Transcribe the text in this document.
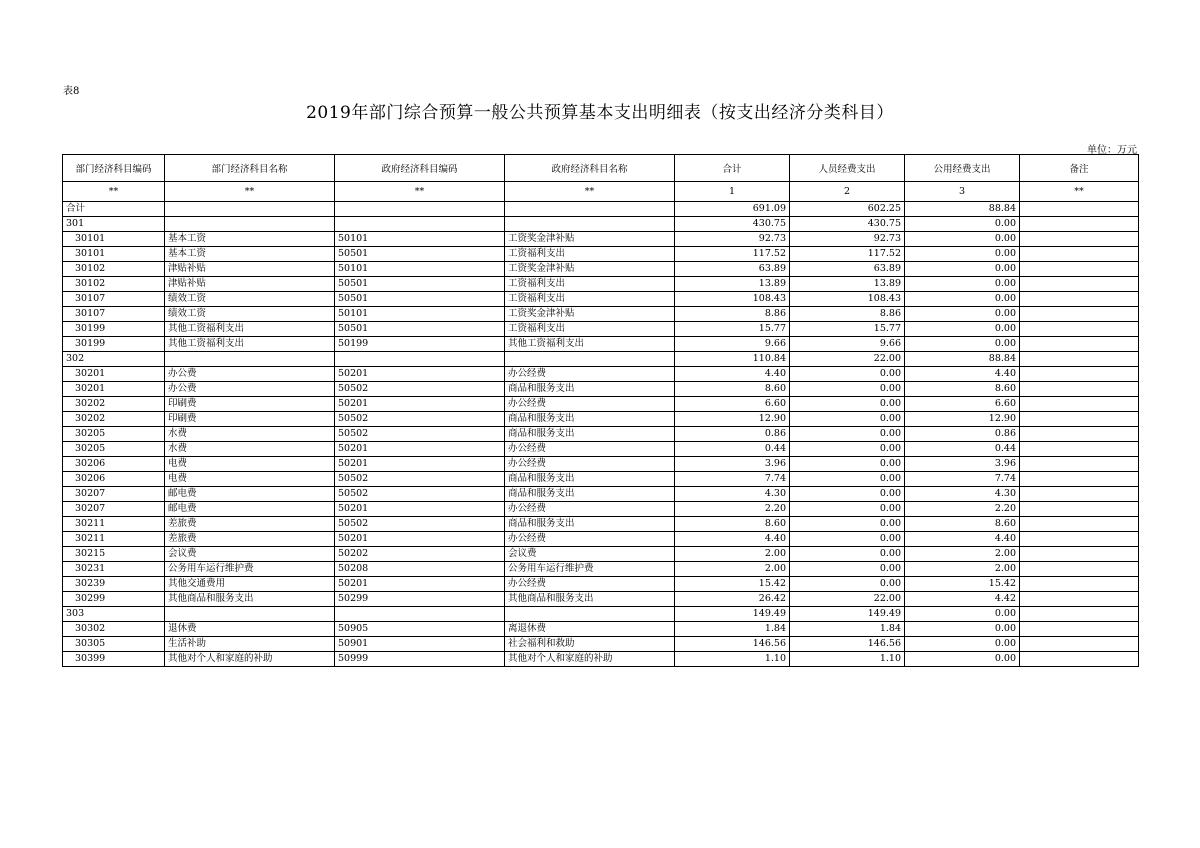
表8
2019年部门综合预算一般公共预算基本支出明细表（按支出经济分类科目）
单位：万元
部门经济科目编码	部门经济科目名称	政府经济科目编码	政府经济科目名称	合计	人员经费支出	公用经费支出	备注
**	**	**	**	1	2	3	**
合计				691.09	602.25	88.84	
301				430.75	430.75	0.00	
30101	基本工资	50101	工资奖金津补贴	92.73	92.73	0.00	
30101	基本工资	50501	工资福利支出	117.52	117.52	0.00	
30102	津贴补贴	50101	工资奖金津补贴	63.89	63.89	0.00	
30102	津贴补贴	50501	工资福利支出	13.89	13.89	0.00	
30107	绩效工资	50501	工资福利支出	108.43	108.43	0.00	
30107	绩效工资	50101	工资奖金津补贴	8.86	8.86	0.00	
30199	其他工资福利支出	50501	工资福利支出	15.77	15.77	0.00	
30199	其他工资福利支出	50199	其他工资福利支出	9.66	9.66	0.00	
302				110.84	22.00	88.84	
30201	办公费	50201	办公经费	4.40	0.00	4.40	
30201	办公费	50502	商品和服务支出	8.60	0.00	8.60	
30202	印刷费	50201	办公经费	6.60	0.00	6.60	
30202	印刷费	50502	商品和服务支出	12.90	0.00	12.90	
30205	水费	50502	商品和服务支出	0.86	0.00	0.86	
30205	水费	50201	办公经费	0.44	0.00	0.44	
30206	电费	50201	办公经费	3.96	0.00	3.96	
30206	电费	50502	商品和服务支出	7.74	0.00	7.74	
30207	邮电费	50502	商品和服务支出	4.30	0.00	4.30	
30207	邮电费	50201	办公经费	2.20	0.00	2.20	
30211	差旅费	50502	商品和服务支出	8.60	0.00	8.60	
30211	差旅费	50201	办公经费	4.40	0.00	4.40	
30215	会议费	50202	会议费	2.00	0.00	2.00	
30231	公务用车运行维护费	50208	公务用车运行维护费	2.00	0.00	2.00	
30239	其他交通费用	50201	办公经费	15.42	0.00	15.42	
30299	其他商品和服务支出	50299	其他商品和服务支出	26.42	22.00	4.42	
303				149.49	149.49	0.00	
30302	退休费	50905	离退休费	1.84	1.84	0.00	
30305	生活补助	50901	社会福利和救助	146.56	146.56	0.00	
30399	其他对个人和家庭的补助	50999	其他对个人和家庭的补助	1.10	1.10	0.00	
